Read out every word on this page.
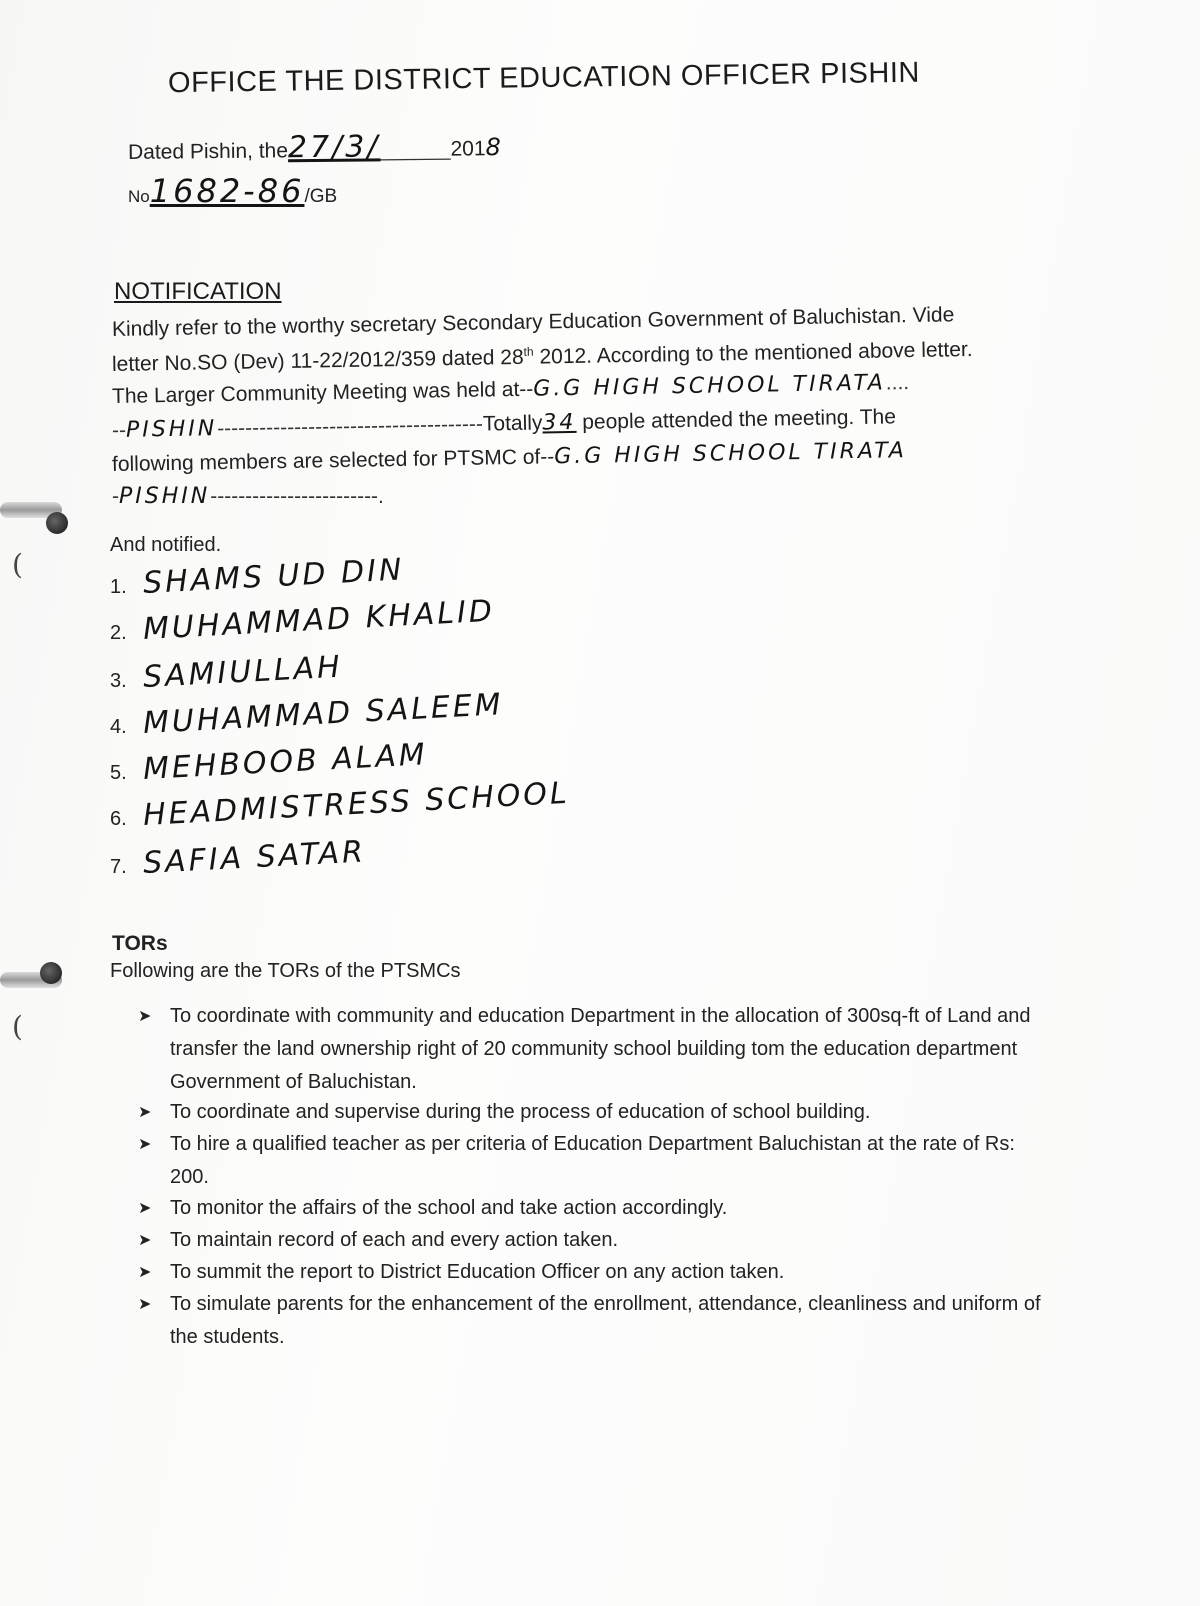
(
(
OFFICE THE DISTRICT EDUCATION OFFICER PISHIN
Dated Pishin, the27/3/______2018
No1682-86/GB
NOTIFICATION
Kindly refer to the worthy secretary Secondary Education Government of Baluchistan. Vide
letter No.SO (Dev) 11-22/2012/359 dated 28th 2012. According to the mentioned above letter.
The Larger Community Meeting was held at--G.G HIGH SCHOOL TIRATA....
--PISHIN--------------------------------------Totally34 people attended the meeting. The
following members are selected for PTSMC of--G.G HIGH SCHOOL TIRATA
-PISHIN------------------------.
And notified.
1. SHAMS UD DIN
2. MUHAMMAD KHALID
3. SAMIULLAH
4. MUHAMMAD SALEEM
5. MEHBOOB ALAM
6. HEADMISTRESS SCHOOL
7. SAFIA SATAR
TORs
Following are the TORs of the PTSMCs
➤ To coordinate with community and education Department in the allocation of 300sq-ft of Land and transfer the land ownership right of 20 community school building tom the education department Government of Baluchistan.
➤ To coordinate and supervise during the process of education of school building.
➤ To hire a qualified teacher as per criteria of Education Department Baluchistan at the rate of Rs: 200.
➤ To monitor the affairs of the school and take action accordingly.
➤ To maintain record of each and every action taken.
➤ To summit the report to District Education Officer on any action taken.
➤ To simulate parents for the enhancement of the enrollment, attendance, cleanliness and uniform of the students.
